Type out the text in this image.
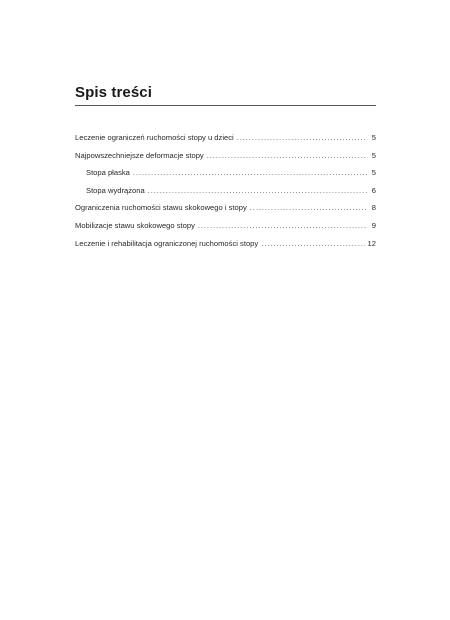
Spis treści
Leczenie ograniczeń ruchomości stopy u dzieci . . .	5
Najpowszechniejsze deformacje stopy . . .	5
Stopa płaska . . .	5
Stopa wydrążona . . .	6
Ograniczenia ruchomości stawu skokowego i stopy . . .	8
Mobilizacje stawu skokowego stopy . . .	9
Leczenie i rehabilitacja ograniczonej ruchomości stopy . . .	12
